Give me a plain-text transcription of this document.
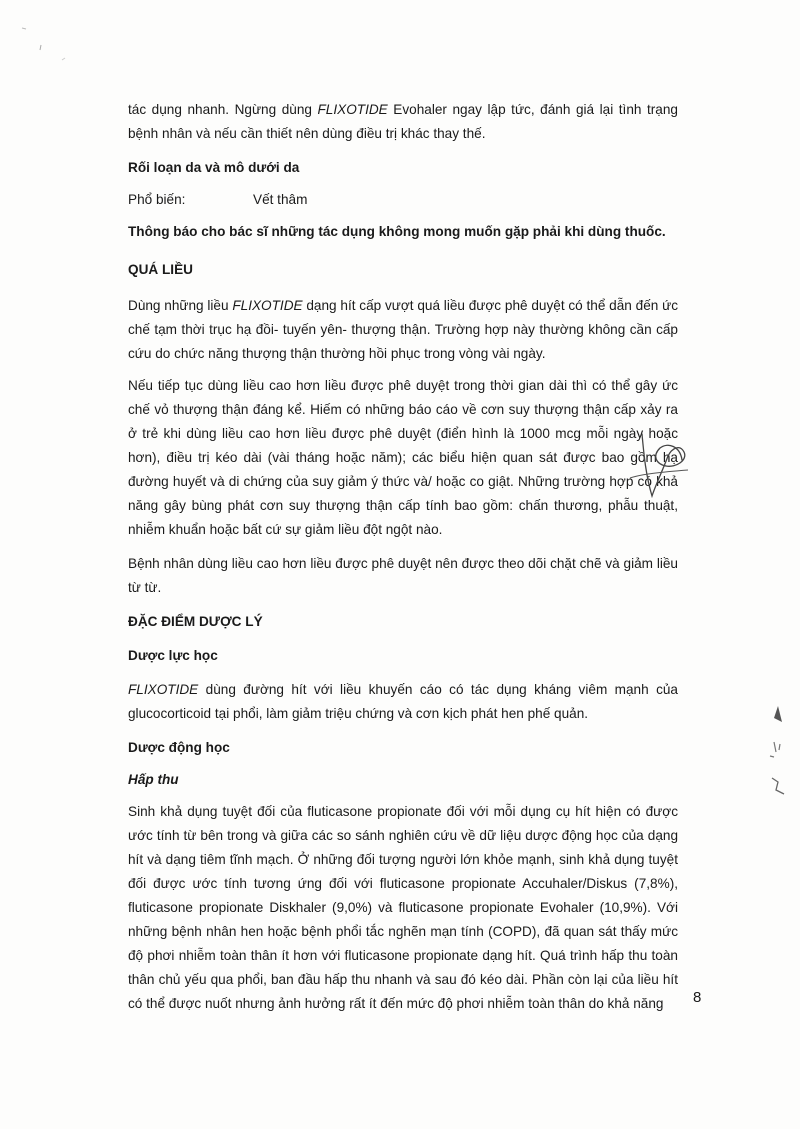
tác dụng nhanh. Ngừng dùng FLIXOTIDE Evohaler ngay lập tức, đánh giá lại tình trạng bệnh nhân và nếu cần thiết nên dùng điều trị khác thay thế.

Rối loạn da và mô dưới da

Phổ biến:	Vết thâm

Thông báo cho bác sĩ những tác dụng không mong muốn gặp phải khi dùng thuốc.

QUÁ LIỀU

Dùng những liều FLIXOTIDE dạng hít cấp vượt quá liều được phê duyệt có thể dẫn đến ức chế tạm thời trục hạ đồi- tuyến yên- thượng thận. Trường hợp này thường không cần cấp cứu do chức năng thượng thận thường hồi phục trong vòng vài ngày.

Nếu tiếp tục dùng liều cao hơn liều được phê duyệt trong thời gian dài thì có thể gây ức chế vỏ thượng thận đáng kể. Hiếm có những báo cáo về cơn suy thượng thận cấp xảy ra ở trẻ khi dùng liều cao hơn liều được phê duyệt (điển hình là 1000 mcg mỗi ngày hoặc hơn), điều trị kéo dài (vài tháng hoặc năm); các biểu hiện quan sát được bao gồm hạ đường huyết và di chứng của suy giảm ý thức và/ hoặc co giật. Những trường hợp có khả năng gây bùng phát cơn suy thượng thận cấp tính bao gồm: chấn thương, phẫu thuật, nhiễm khuẩn hoặc bất cứ sự giảm liều đột ngột nào.

Bệnh nhân dùng liều cao hơn liều được phê duyệt nên được theo dõi chặt chẽ và giảm liều từ từ.

ĐẶC ĐIỂM DƯỢC LÝ

Dược lực học

FLIXOTIDE dùng đường hít với liều khuyến cáo có tác dụng kháng viêm mạnh của glucocorticoid tại phổi, làm giảm triệu chứng và cơn kịch phát hen phế quản.

Dược động học

Hấp thu

Sinh khả dụng tuyệt đối của fluticasone propionate đối với mỗi dụng cụ hít hiện có được ước tính từ bên trong và giữa các so sánh nghiên cứu về dữ liệu dược động học của dạng hít và dạng tiêm tĩnh mạch. Ở những đối tượng người lớn khỏe mạnh, sinh khả dụng tuyệt đối được ước tính tương ứng đối với fluticasone propionate Accuhaler/Diskus (7,8%), fluticasone propionate Diskhaler (9,0%) và fluticasone propionate Evohaler (10,9%). Với những bệnh nhân hen hoặc bệnh phổi tắc nghẽn mạn tính (COPD), đã quan sát thấy mức độ phơi nhiễm toàn thân ít hơn với fluticasone propionate dạng hít. Quá trình hấp thu toàn thân chủ yếu qua phổi, ban đầu hấp thu nhanh và sau đó kéo dài. Phần còn lại của liều hít có thể được nuốt nhưng ảnh hưởng rất ít đến mức độ phơi nhiễm toàn thân do khả năng	8
